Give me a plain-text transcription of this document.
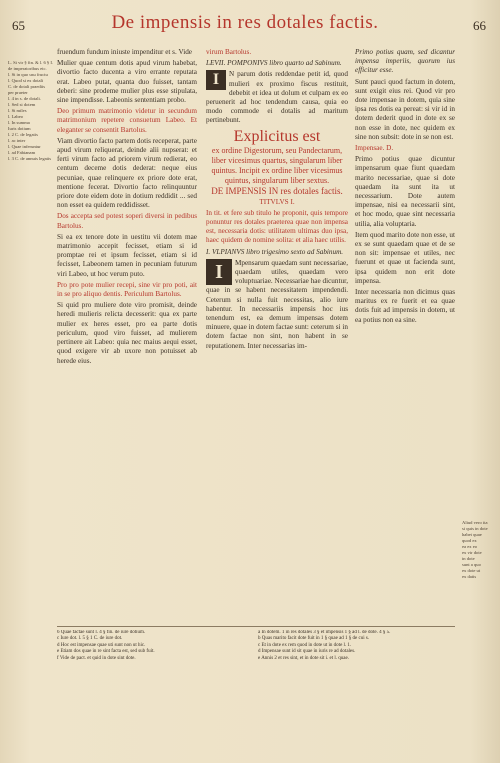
65	De impensis in res dotales factis.	66

L. Si vir § fin. & l. 6 § I.

de imperatoribus etc.

l. Si in quo usu fructu

l. Quod si ex dotali

C. de dotali praediis

per praeter

l. 4 in s. de dotali.

l. Sed si dotem

l. Si miles

l. Labeo

l. In summa

Iuris dotium

l. 2 C. de legatis

l. ac inter

l. Quae inferuntur

l. ad Fabianam

l. 3 C. de annuis legatis

fruendum fundum iniuste impenditur et s. Vide

Mulier quae centum dotis apud virum habebat, divortio facto ducenta a viro errante reputata erat. Labeo putat, quanta duo fuisset, tantam deberi: sine prodeme mulier plus esse stipulata, sine impendisse. Labeonis sententiam probo.

Deo primum matrimonio videtur in secundum matrimonium repetere consuetum Labeo. Et eleganter se consentit Bartolus.

Viam divortio facto partem dotis receperat, parte apud virum reliquerat, deinde alii nupserat: et ferti virum facto ad priorem virum redierat, eo centum deceme dotis dederat: neque eius pecuniae, quae relinquere ex priore dote erat, mentione fecerat. Divortio facto relinquuntur priore dote eidem dote in dotium reddidit ... sed non esset ea quidem reddidisset.

Dos accepta sed potest soperi diversi in pedibus Bartolus.

Si ea ex tenore dote in uestitu vii dotem mae matrimonio accepit fecisset, etiam si id promptae rei et ipsum fecisset, etiam si id fecisset, Labeonem tamen in pecuniam futurum viri Labeo, ut hoc verum puto.

Pro pro pote mulier recepi, sine vir pro poti, ait in se pro aliquo dentis. Periculum Bartolus.

Si quid pro muliere dote viro promisit, deinde heredi mulieris relicta decesserit: qua ex parte mulier ex heres esset, pro ea parte dotis periculum, quod viro fuisset, ad mulierem pertinere ait Labeo: quia nec maius aequi esset, quod exigere vir ab uxore non potuisset ab herede eius.

virum Bartolus.

LEVII. POMPONIVS libro quarto ad Sabinum.

I	N parum dotis reddendae petit id, quod mulieri ex proximo fiscus restituit, debebit et idea ut dolum et culpam ex eo peruenerit ad hoc tendendum causa, quia eo modo commode ei dotalis ad maritum pertinebunt.

Explicitus est
ex ordine Digestorum, seu Pandectarum, liber vicesimus quartus, singularum liber quintus. Incipit ex ordine liber vicesimus quintus, singularum liber sextus.
DE IMPENSIS IN res dotales factis.
TITVLVS I.

In tit. et fere sub titulo he proponit, quis tempore ponuntur res dotales praeterea quae non impensa est, necessaria dotis: utilitatem ultimas duo ipsa, haec quidem de nomine solita: et alia haec utilis.

I. VLPIANVS libro trigesimo sexto ad Sabinum.

I	Mpensarum quaedam sunt necessariae, quaedam utiles, quaedam vero voluptuariae. Necessariae hae dicuntur, quae in se habent necessitatem impendendi. Ceterum si nulla fuit necessitas, alio iure habentur. In necessariis impensis hoc ius tenendum est, ea demum impensas dotem minuere, quae in dotem factae sunt: ceterum si in dotem factae non sint, non habent in se reputationem. Inter necessarias im-

Primo potius quam, sed dicantur impensa imperiis, quorum ius efficitur esse.

Sunt pauci quod factum in dotem, sunt exigit eius rei. Quod vir pro dote impensae in dotem, quia sine ipsa res dotis ea pereat: si vir id in dotem dederit quod in dote ex se non esse in dote, nec quidem ex sine non subsit: dote in se non est.

Impensae. D.

Primo potius quae dicuntur impensarum quae fiunt quaedam marito necessariae, quae si dote quaedam ita sunt ita ut necessarium. Dote autem impensae, nisi ea necessarii sint, et hoc modo, quae sint necessaria utilia, alia voluptaria.

Item quod marito dote non esse, ut ex se sunt quaedam quae et de se non sit: impensae et utiles, nec fuerunt et quae ut facienda sunt, ipsa quidem non erit dote impensa.

Inter necessaria non dicimus quas maritus ex re fuerit et ea quae dotis fuit ad impensis in dotem, ut ea potius non ea sine.

Aliud vero ita

si quis in dote

habet quae

quod ex

ea ex eo

ex vir dote

in dote

sunt a quo

ex dote ut

ex datis

6 Quae factae sunt l. 4 § fin. de iure dotium.
c Iure dot. l. 5 § 1 C. de iure dot.
d Hoc est impensae quae uti sunt non ut hic.
e Etiam dos quae in re sint facta est, sed sub fuit.
f Vide de pact. et quid in dote sint dote.
a In dotem. 1 in res dotales 3 § et impensis 1 § ad l. de dote. 4 § 5.
b Quas marito facit dote fuit in 1 § quae ad 1 § de cui s.
c Et in dote ex rem quod in dote ut in dote l. 1.
d Impensae sunt id sit quae in iuris re ad dotales.
e Annis 2 et res sint, et in dote sit i. et l. quae.
